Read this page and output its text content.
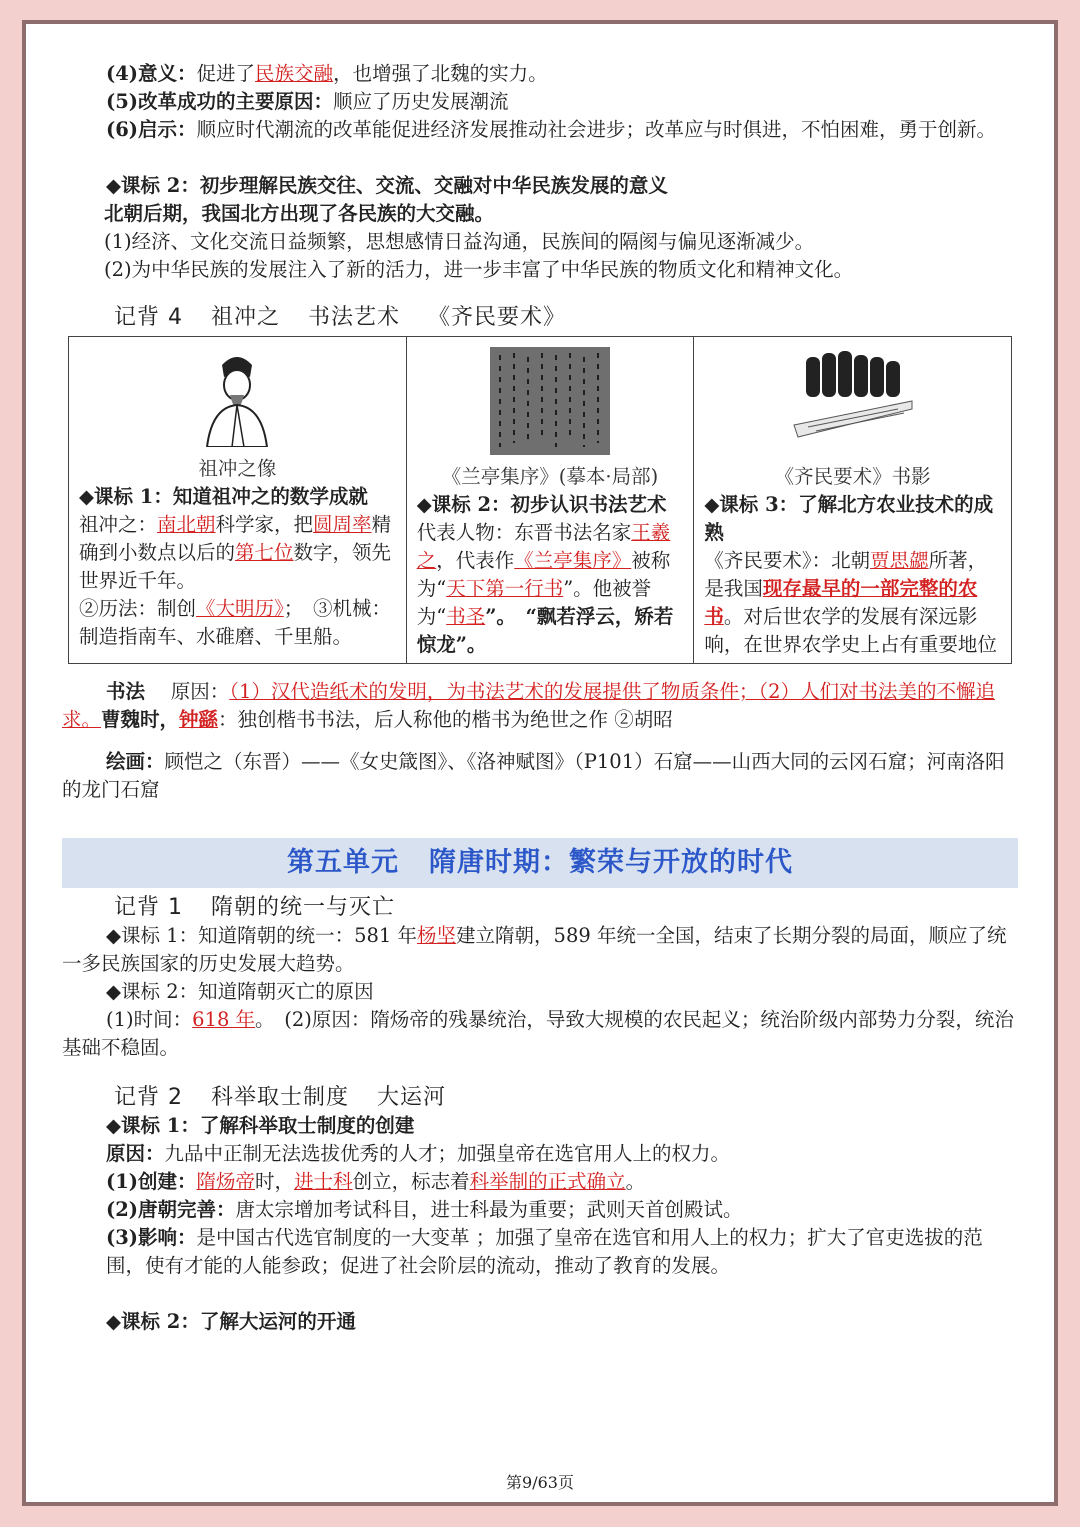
(4)意义：促进了民族交融，也增强了北魏的实力。

(5)改革成功的主要原因：顺应了历史发展潮流

(6)启示：顺应时代潮流的改革能促进经济发展推动社会进步；改革应与时俱进，不怕困难，勇于创新。

◆课标 2：初步理解民族交往、交流、交融对中华民族发展的意义

北朝后期，我国北方出现了各民族的大交融。

(1)经济、文化交流日益频繁，思想感情日益沟通，民族间的隔阂与偏见逐渐减少。

(2)为中华民族的发展注入了新的活力，进一步丰富了中华民族的物质文化和精神文化。

记背 4 祖冲之 书法艺术 《齐民要术》

祖冲之像
◆课标 1：知道祖冲之的数学成就
祖冲之：南北朝科学家，把圆周率精确到小数点以后的第七位数字，领先世界近千年。
②历法：制创《大明历》；　③机械：制造指南车、水碓磨、千里船。

《兰亭集序》(摹本·局部)
◆课标 2：初步认识书法艺术
代表人物：东晋书法名家王羲之，代表作《兰亭集序》被称为“天下第一行书”。他被誉为“书圣”。　“飘若浮云，矫若惊龙”。

《齐民要术》书影
◆课标 3：了解北方农业技术的成熟
《齐民要术》：北朝贾思勰所著，是我国现存最早的一部完整的农书。对后世农学的发展有深远影响，在世界农学史上占有重要地位

书法　 原因：（1）汉代造纸术的发明，为书法艺术的发展提供了物质条件；（2）人们对书法美的不懈追求。曹魏时，钟繇：独创楷书书法，后人称他的楷书为绝世之作 ②胡昭

绘画：顾恺之（东晋）——《女史箴图》、《洛神赋图》（P101）石窟——山西大同的云冈石窟；河南洛阳的龙门石窟

第五单元 隋唐时期：繁荣与开放的时代

记背 1 隋朝的统一与灭亡

◆课标 1：知道隋朝的统一：581 年杨坚建立隋朝，589 年统一全国，结束了长期分裂的局面，顺应了统一多民族国家的历史发展大趋势。

◆课标 2：知道隋朝灭亡的原因

(1)时间：618 年。　(2)原因：隋炀帝的残暴统治，导致大规模的农民起义；统治阶级内部势力分裂，统治基础不稳固。

记背 2 科举取士制度 大运河

◆课标 1：了解科举取士制度的创建

原因：九品中正制无法选拔优秀的人才；加强皇帝在选官用人上的权力。

(1)创建：隋炀帝时，进士科创立，标志着科举制的正式确立。

(2)唐朝完善：唐太宗增加考试科目，进士科最为重要；武则天首创殿试。

(3)影响：是中国古代选官制度的一大变革 ；加强了皇帝在选官和用人上的权力；扩大了官吏选拔的范围，使有才能的人能参政；促进了社会阶层的流动，推动了教育的发展。

◆课标 2：了解大运河的开通

第9/63页
